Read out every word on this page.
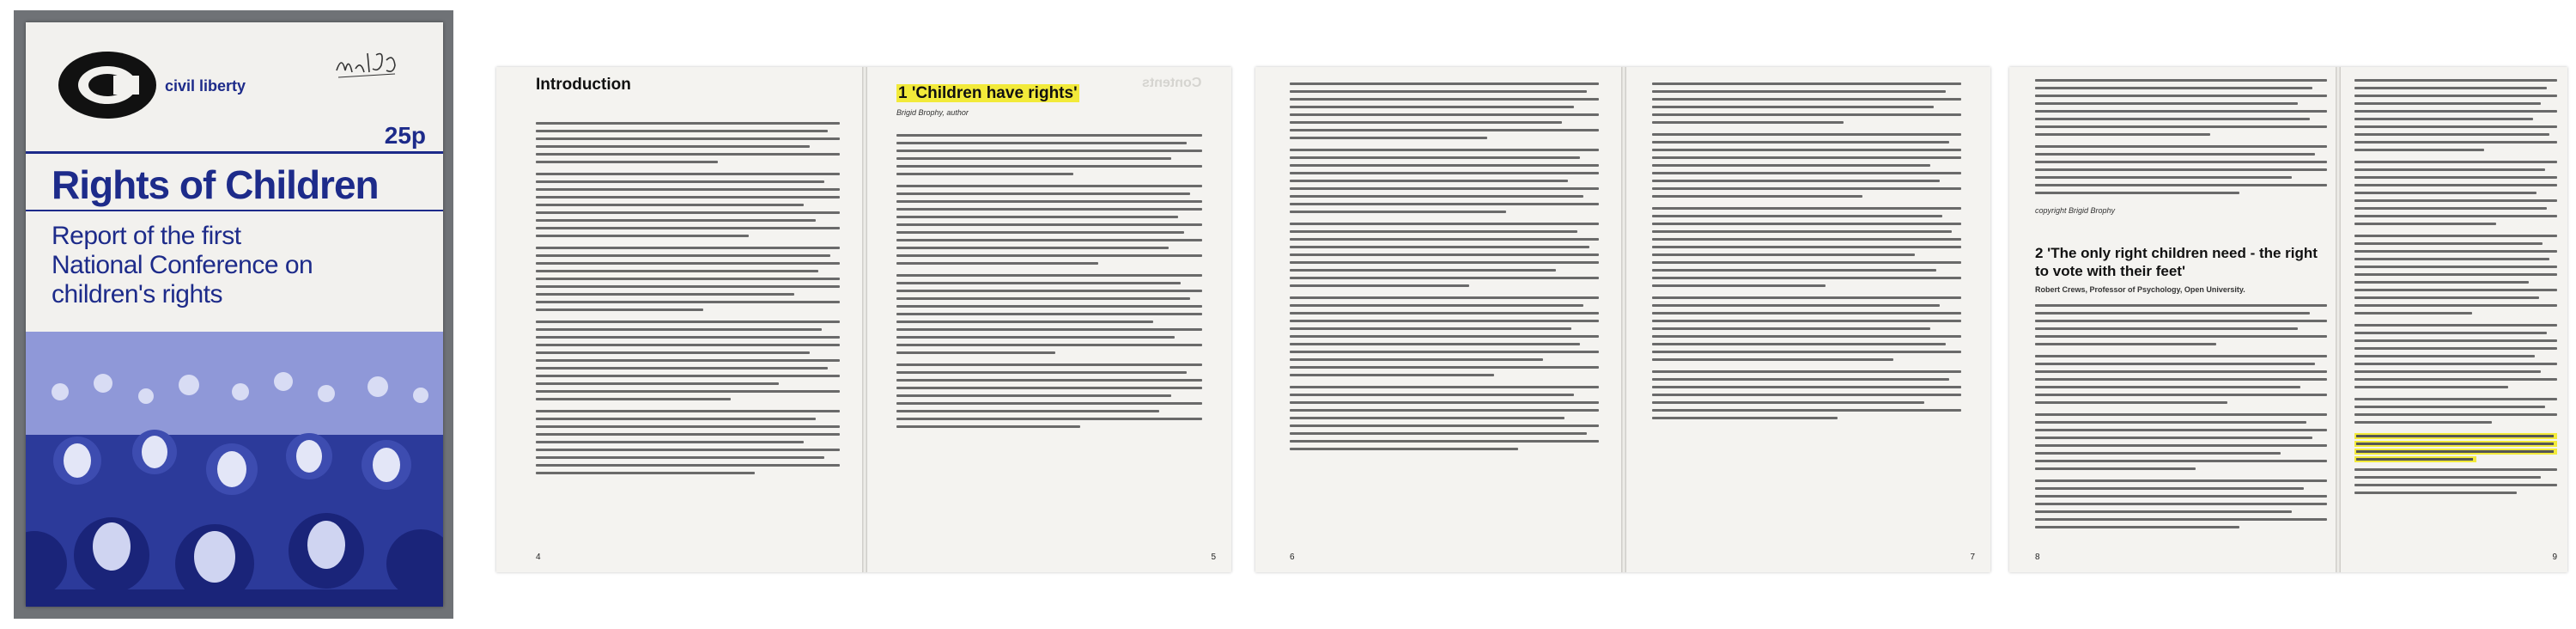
civil liberty
25p
Rights of Children
Report of the first National Conference on children's rights
Introduction
4
Contents
1 'Children have rights'
Brigid Brophy, author
5	6	7
copyright Brigid Brophy
2 'The only right children need - the right to vote with their feet'
Robert Crews, Professor of Psychology, Open University.
8	9
